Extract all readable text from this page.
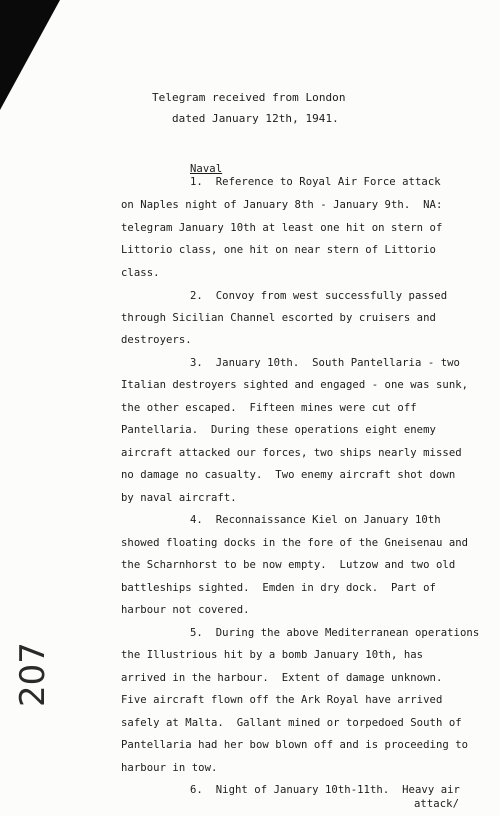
Telegram received from London
dated January 12th, 1941.
Naval
1.  Reference to Royal Air Force attack
on Naples night of January 8th - January 9th.  NA:
telegram January 10th at least one hit on stern of
Littorio class, one hit on near stern of Littorio
class.
2.  Convoy from west successfully passed
through Sicilian Channel escorted by cruisers and
destroyers.
3.  January 10th.  South Pantellaria - two
Italian destroyers sighted and engaged - one was sunk,
the other escaped.  Fifteen mines were cut off
Pantellaria.  During these operations eight enemy
aircraft attacked our forces, two ships nearly missed
no damage no casualty.  Two enemy aircraft shot down
by naval aircraft.
4.  Reconnaissance Kiel on January 10th
showed floating docks in the fore of the Gneisenau and
the Scharnhorst to be now empty.  Lutzow and two old
battleships sighted.  Emden in dry dock.  Part of
harbour not covered.
5.  During the above Mediterranean operations
the Illustrious hit by a bomb January 10th, has
arrived in the harbour.  Extent of damage unknown.
Five aircraft flown off the Ark Royal have arrived
safely at Malta.  Gallant mined or torpedoed South of
Pantellaria had her bow blown off and is proceeding to
harbour in tow.
6.  Night of January 10th-11th.  Heavy air
attack/
207
